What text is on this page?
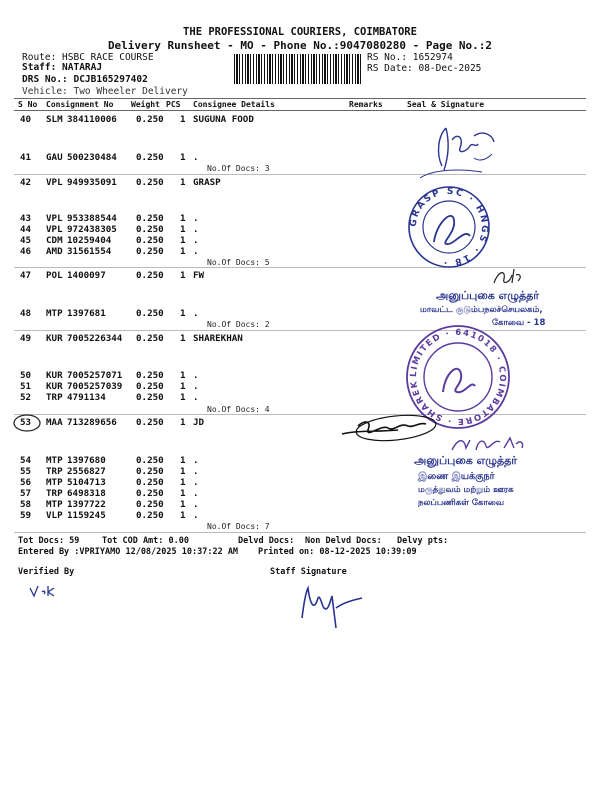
THE PROFESSIONAL COURIERS, COIMBATORE
Delivery Runsheet - MO - Phone No.:9047080280 - Page No.:2
Route: HSBC RACE COURSE
Staff: NATARAJ
DRS No.: DCJB165297402
Vehicle: Two Wheeler Delivery
RS No.: 1652974
RS Date: 08-Dec-2025
S No Consignment No Weight PCS Consignee Details	Remarks	Seal & Signature
40 SLM 384110006 0.250 1 SUGUNA FOOD
41 GAU 500230484 0.250 1 .
42 VPL 949935091 0.250 1 GRASP
43 VPL 953388544 0.250 1 .
44 VPL 972438305 0.250 1 .
45 CDM 10259404	0.250 1 .
46 AMD 31561554	0.250 1 .
47 POL 1400097	0.250 1 FW
48 MTP 1397681	0.250 1 .
49 KUR 7005226344 0.250 1 SHAREKHAN
50 KUR 7005257071 0.250 1 .
51 KUR 7005257039 0.250 1 .
52 TRP 4791134	0.250 1 .
53 MAA 713289656 0.250 1 JD
54 MTP 1397680	0.250 1 .
55 TRP 2556827	0.250 1 .
56 MTP 5104713	0.250 1 .
57 TRP 6498318	0.250 1 .
58 MTP 1397722	0.250 1 .
59 VLP 1159245	0.250 1 .
No.Of Docs: 3
No.Of Docs: 5
No.Of Docs: 2
No.Of Docs: 4
No.Of Docs: 7
Tot Docs: 59	Tot COD Amt: 0.00	Delvd Docs: Non Delvd Docs: Delvy pts:
Entered By :VPRIYAMO 12/08/2025 10:37:22 AM Printed on: 08-12-2025 10:39:09
Verified By	Staff Signature
GRASP SC · HNGS · 18 ·
அனுப்புகை எழுத்தர்
மாவட்ட குடும்பநலச்செயலகம்,
கோவை - 18
LIMITED · 641018 · COIMBATORE · SHAREKHAN ·
அனுப்புகை எழுத்தர்
இணை இயக்குநர்
மருத்துவம் மற்றும் ஊரக
நலப்பணிகள் கோவை
